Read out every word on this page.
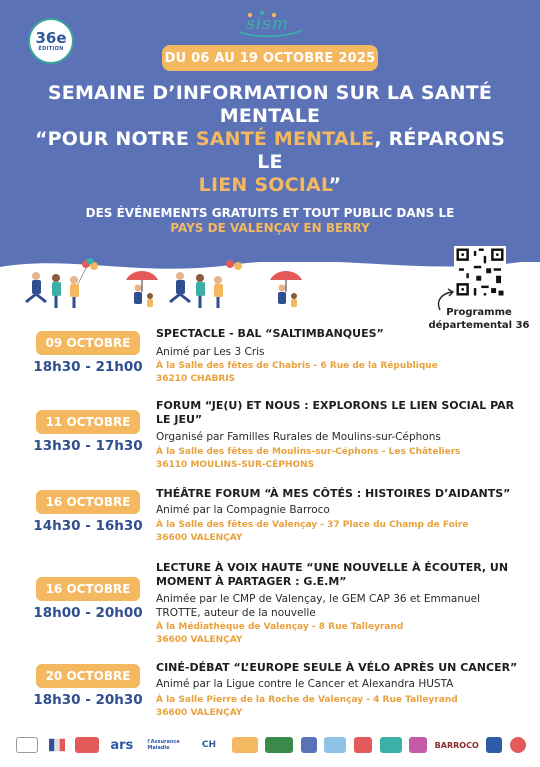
36e
ÉDITION
sism
DU 06 AU 19 OCTOBRE 2025
SEMAINE D’INFORMATION SUR LA SANTÉ
MENTALE
“POUR NOTRE SANTÉ MENTALE, RÉPARONS LE
LIEN SOCIAL”
DES ÉVÉNEMENTS GRATUITS ET TOUT PUBLIC DANS LE
PAYS DE VALENÇAY EN BERRY
Programme
départemental 36
09 OCTOBRE
18h30 - 21h00
SPECTACLE - BAL “SALTIMBANQUES”
Animé par Les 3 Cris
À la Salle des fêtes de Chabris - 6 Rue de la République
36210 CHABRIS
11 OCTOBRE
13h30 - 17h30
FORUM “JE(U) ET NOUS : EXPLORONS LE LIEN SOCIAL PAR LE JEU”
Organisé par Familles Rurales de Moulins-sur-Céphons
À la Salle des fêtes de Moulins-sur-Céphons - Les Châteliers
36110 MOULINS-SUR-CÉPHONS
16 OCTOBRE
14h30 - 16h30
THÉÂTRE FORUM “À MES CÔTÉS : HISTOIRES D’AIDANTS”
Animé par la Compagnie Barroco
À la Salle des fêtes de Valençay - 37 Place du Champ de Foire
36600 VALENÇAY
16 OCTOBRE
18h00 - 20h00
LECTURE À VOIX HAUTE “UNE NOUVELLE À ÉCOUTER, UN MOMENT À PARTAGER : G.E.M”
Animée par le CMP de Valençay, le GEM CAP 36 et Emmanuel TROTTE, auteur de la nouvelle
À la Médiathèque de Valençay - 8 Rue Talleyrand
36600 VALENÇAY
20 OCTOBRE
18h30 - 20h30
CINÉ-DÉBAT “L’EUROPE SEULE À VÉLO APRÈS UN CANCER”
Animé par la Ligue contre le Cancer et Alexandra HUSTA
À la Salle Pierre de la Roche de Valençay - 4 Rue Talleyrand
36600 VALENÇAY
ars	l'Assurance Maladie	CH	BARROCO
